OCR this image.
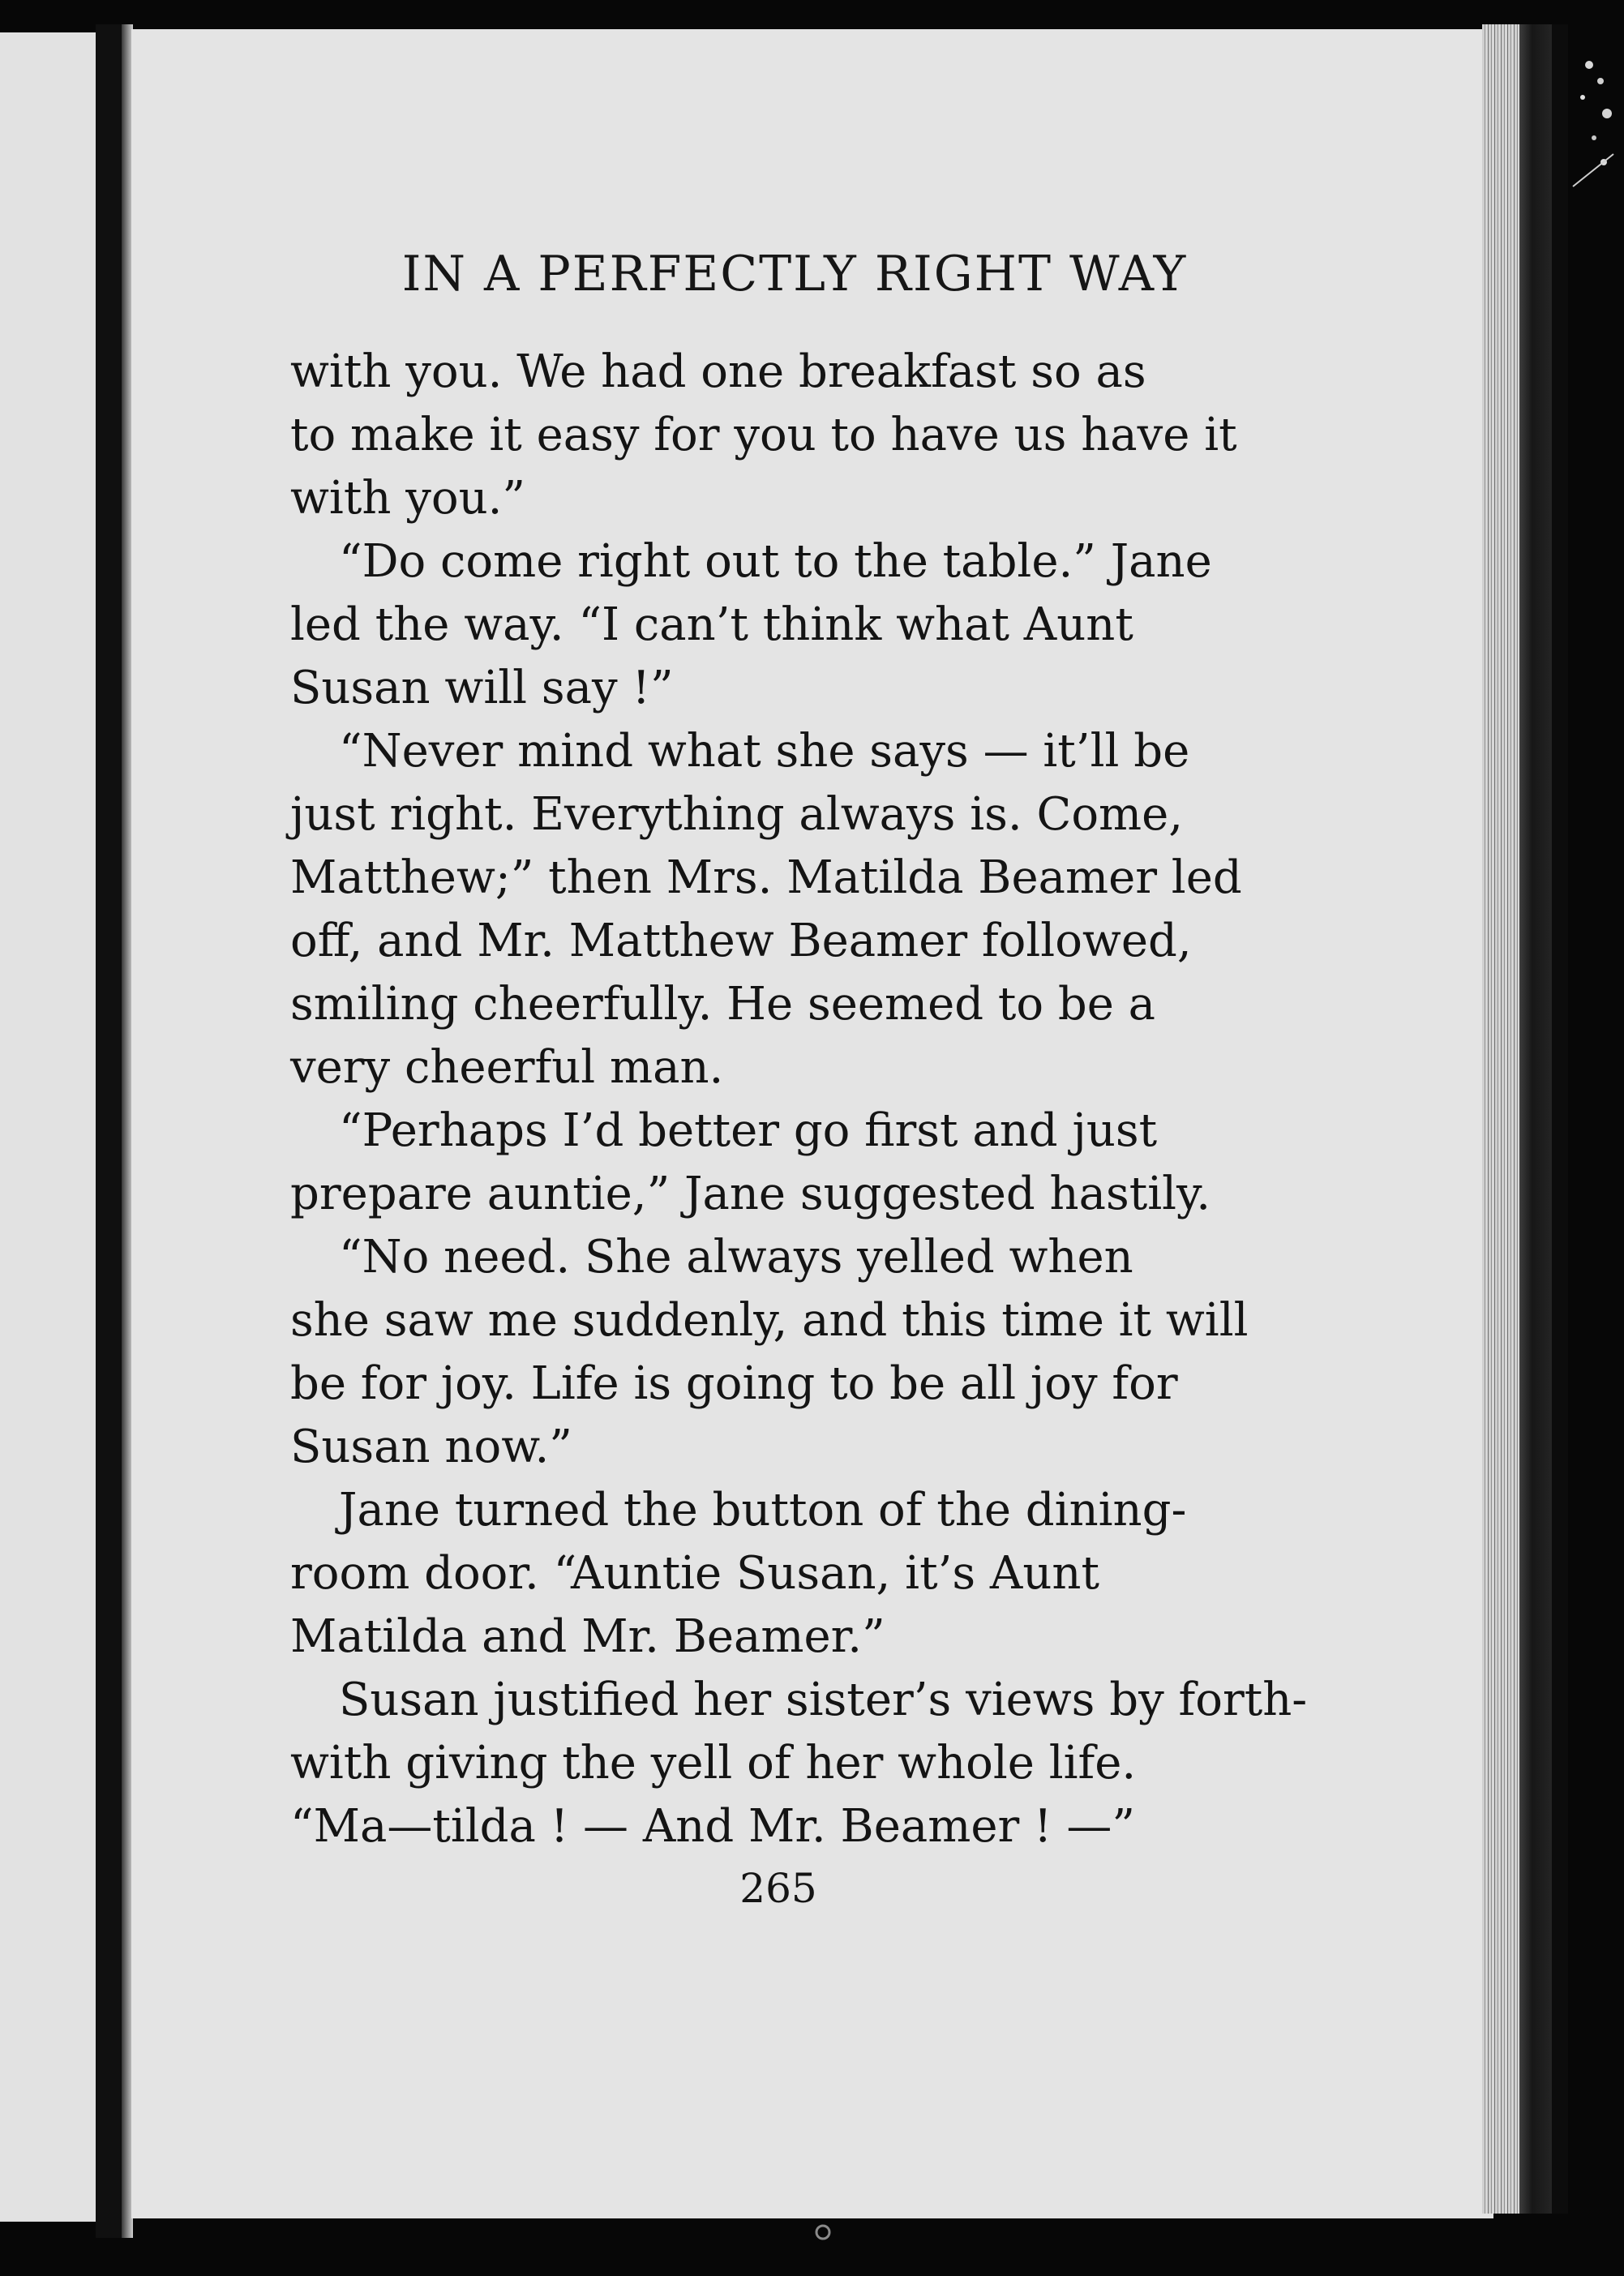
IN A PERFECTLY RIGHT WAY
with you. We had one breakfast so as
to make it easy for you to have us have it
with you.”
“Do come right out to the table.” Jane
led the way. “I can’t think what Aunt
Susan will say !”
“Never mind what she says — it’ll be
just right. Everything always is. Come,
Matthew;” then Mrs. Matilda Beamer led
off, and Mr. Matthew Beamer followed,
smiling cheerfully. He seemed to be a
very cheerful man.
“Perhaps I’d better go first and just
prepare auntie,” Jane suggested hastily.
“No need. She always yelled when
she saw me suddenly, and this time it will
be for joy. Life is going to be all joy for
Susan now.”
Jane turned the button of the dining-
room door. “Auntie Susan, it’s Aunt
Matilda and Mr. Beamer.”
Susan justified her sister’s views by forth-
with giving the yell of her whole life.
“Ma—tilda ! — And Mr. Beamer ! —”

265
